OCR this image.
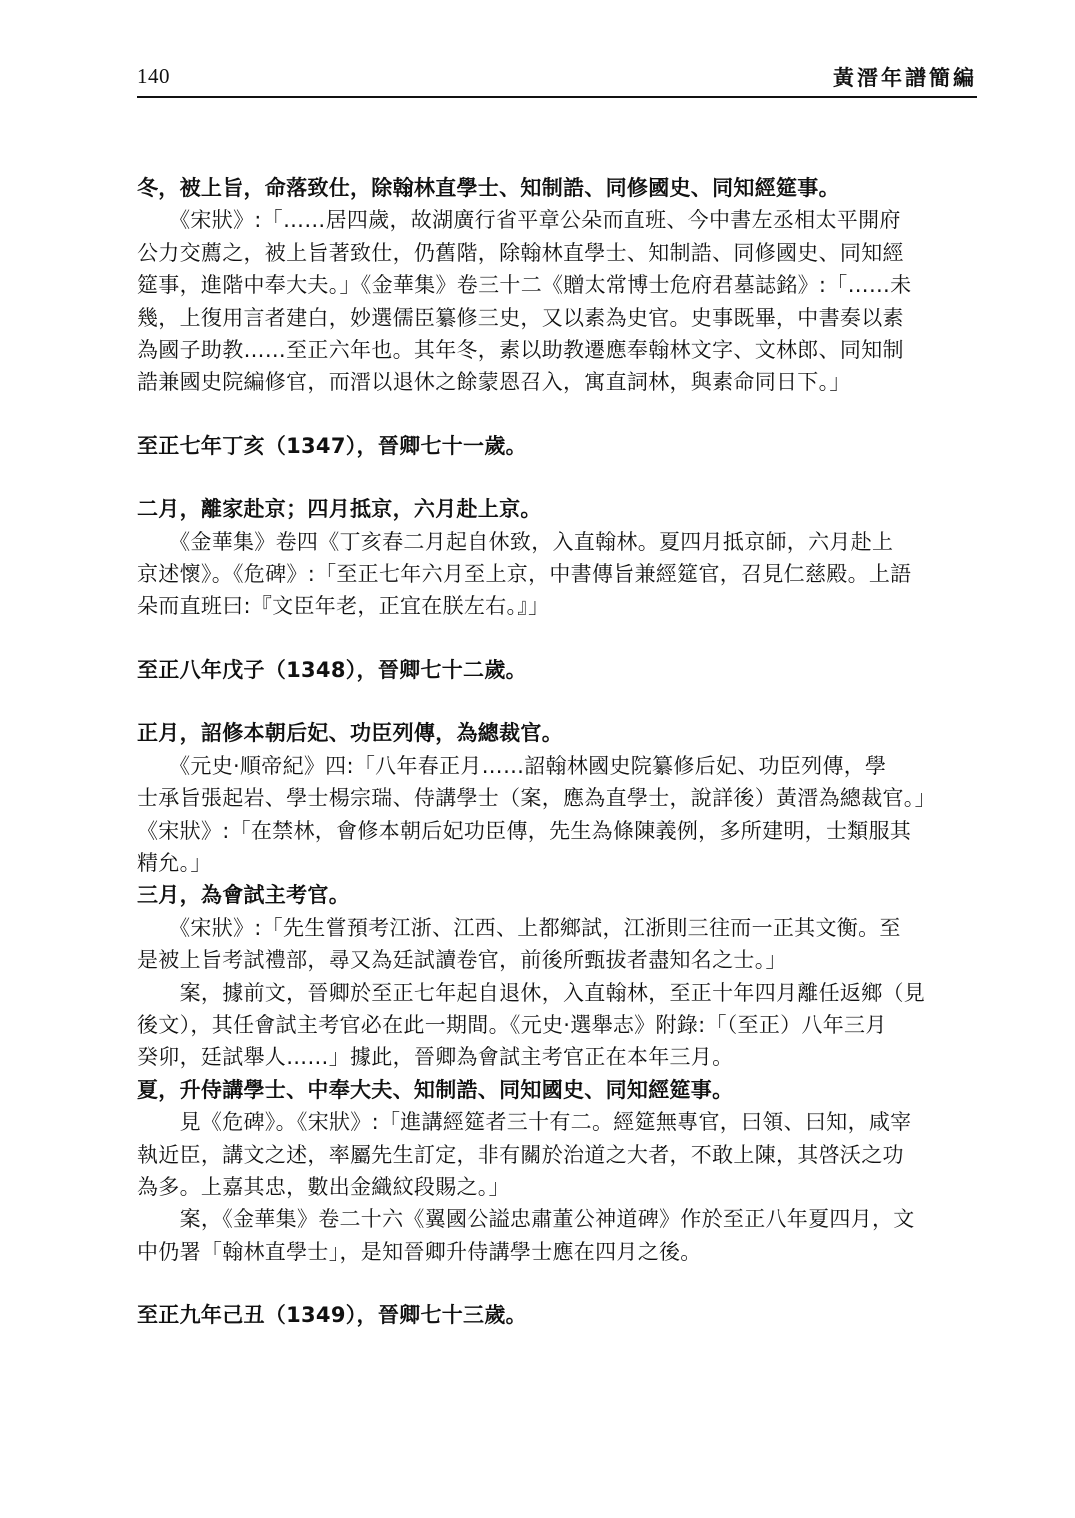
140	黃溍年譜簡編
冬，被上旨，命落致仕，除翰林直學士、知制誥、同修國史、同知經筵事。
　　《宋狀》:「……居四歲，故湖廣行省平章公朵而直班、今中書左丞相太平開府
公力交薦之，被上旨著致仕，仍舊階，除翰林直學士、知制誥、同修國史、同知經
筵事，進階中奉大夫。」《金華集》卷三十二《贈太常博士危府君墓誌銘》:「……未
幾，上復用言者建白，妙選儒臣纂修三史，又以素為史官。史事既畢，中書奏以素
為國子助教……至正六年也。其年冬，素以助教遷應奉翰林文字、文林郎、同知制
誥兼國史院編修官，而溍以退休之餘蒙恩召入，寓直詞林，與素命同日下。」
至正七年丁亥（1347），晉卿七十一歲。
二月，離家赴京；四月抵京，六月赴上京。
　　《金華集》卷四《丁亥春二月起自休致，入直翰林。夏四月抵京師，六月赴上
京述懷》。《危碑》:「至正七年六月至上京，中書傳旨兼經筵官，召見仁慈殿。上語
朵而直班曰:『文臣年老，正宜在朕左右。』」
至正八年戊子（1348），晉卿七十二歲。
正月，詔修本朝后妃、功臣列傳，為總裁官。
　　《元史·順帝紀》四:「八年春正月……詔翰林國史院纂修后妃、功臣列傳，學
士承旨張起岩、學士楊宗瑞、侍講學士（案，應為直學士，說詳後）黃溍為總裁官。」
《宋狀》:「在禁林，會修本朝后妃功臣傳，先生為條陳義例，多所建明，士類服其
精允。」
三月，為會試主考官。
　　《宋狀》:「先生嘗預考江浙、江西、上都鄉試，江浙則三往而一正其文衡。至
是被上旨考試禮部，尋又為廷試讀卷官，前後所甄拔者盡知名之士。」
　　案，據前文，晉卿於至正七年起自退休，入直翰林，至正十年四月離任返鄉（見
後文），其任會試主考官必在此一期間。《元史·選舉志》附錄:「（至正）八年三月
癸卯，廷試舉人……」據此，晉卿為會試主考官正在本年三月。
夏，升侍講學士、中奉大夫、知制誥、同知國史、同知經筵事。
　　見《危碑》。《宋狀》:「進講經筵者三十有二。經筵無專官，曰領、曰知，咸宰
執近臣，講文之述，率屬先生訂定，非有關於治道之大者，不敢上陳，其啓沃之功
為多。上嘉其忠，數出金織紋段賜之。」
　　案，《金華集》卷二十六《翼國公謚忠肅董公神道碑》作於至正八年夏四月，文
中仍署「翰林直學士」，是知晉卿升侍講學士應在四月之後。
至正九年己丑（1349），晉卿七十三歲。
